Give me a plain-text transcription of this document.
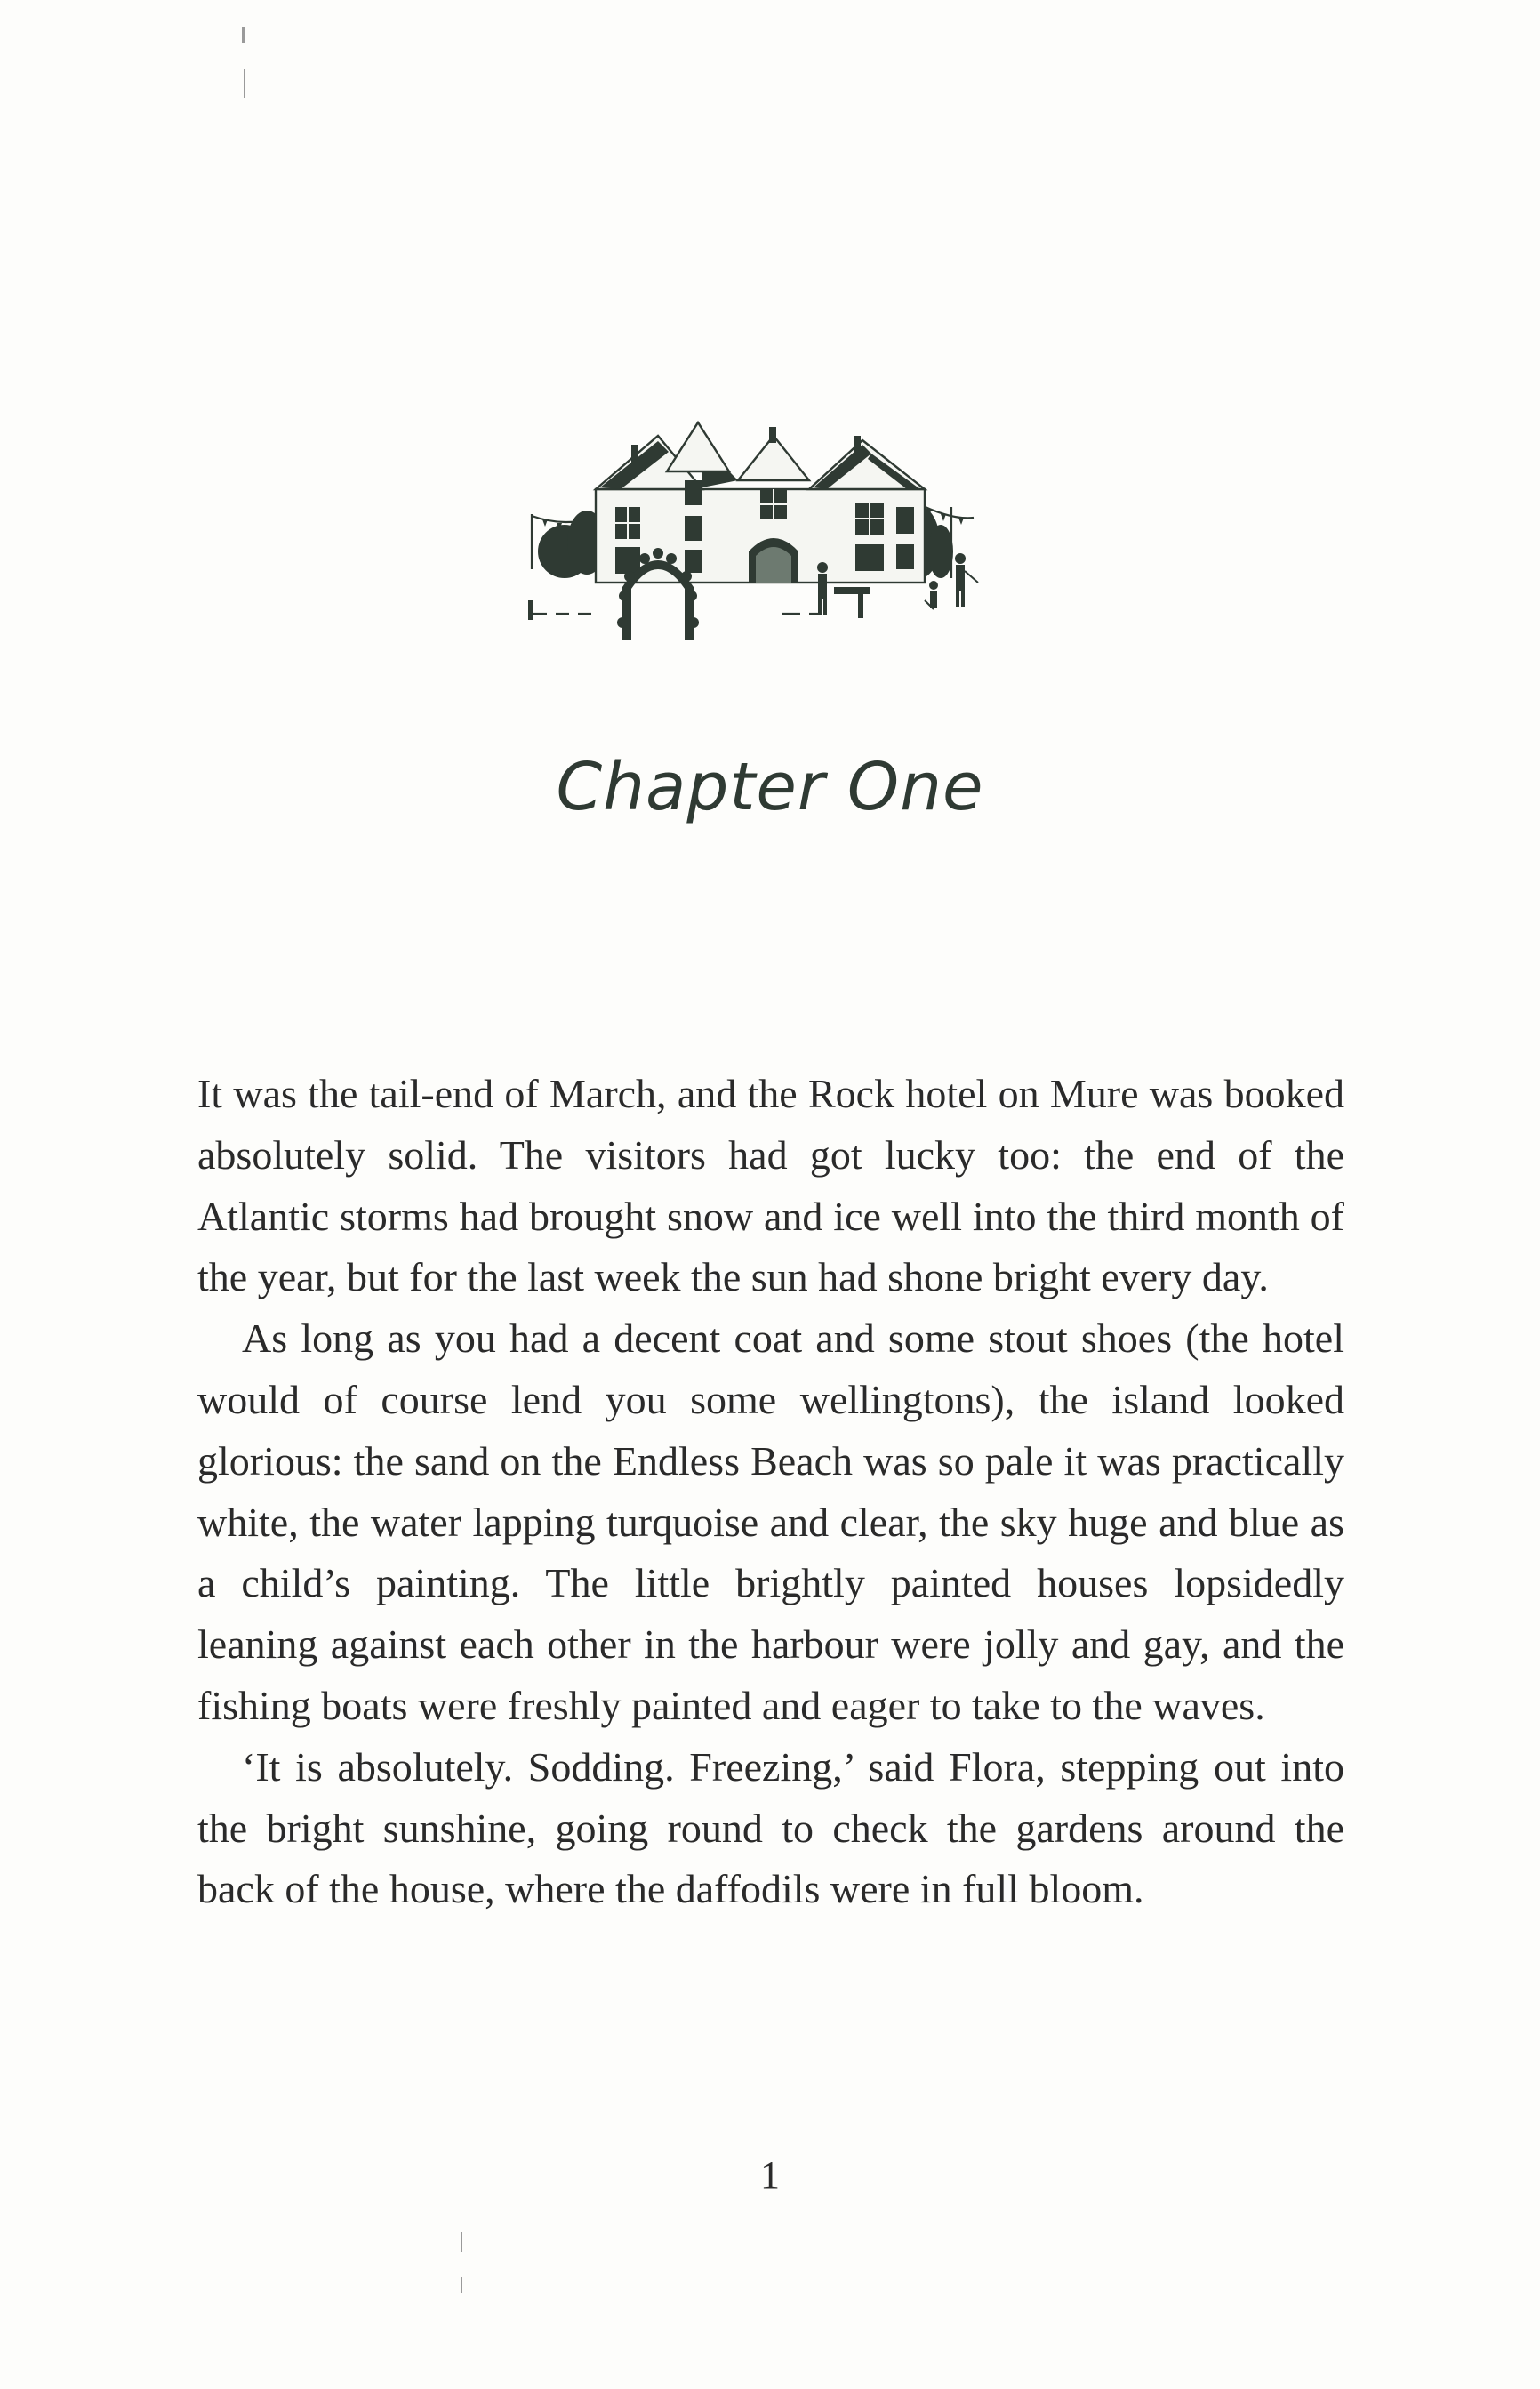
Chapter One

It was the tail-end of March, and the Rock hotel on Mure was booked absolutely solid. The visitors had got lucky too: the end of the Atlantic storms had brought snow and ice well into the third month of the year, but for the last week the sun had shone bright every day.

As long as you had a decent coat and some stout shoes (the hotel would of course lend you some wellingtons), the island looked glorious: the sand on the Endless Beach was so pale it was practically white, the water lapping turquoise and clear, the sky huge and blue as a child’s painting. The little brightly painted houses lopsidedly leaning against each other in the harbour were jolly and gay, and the fishing boats were freshly painted and eager to take to the waves.

‘It is absolutely. Sodding. Freezing,’ said Flora, stepping out into the bright sunshine, going round to check the gardens around the back of the house, where the daffodils were in full bloom.

1
